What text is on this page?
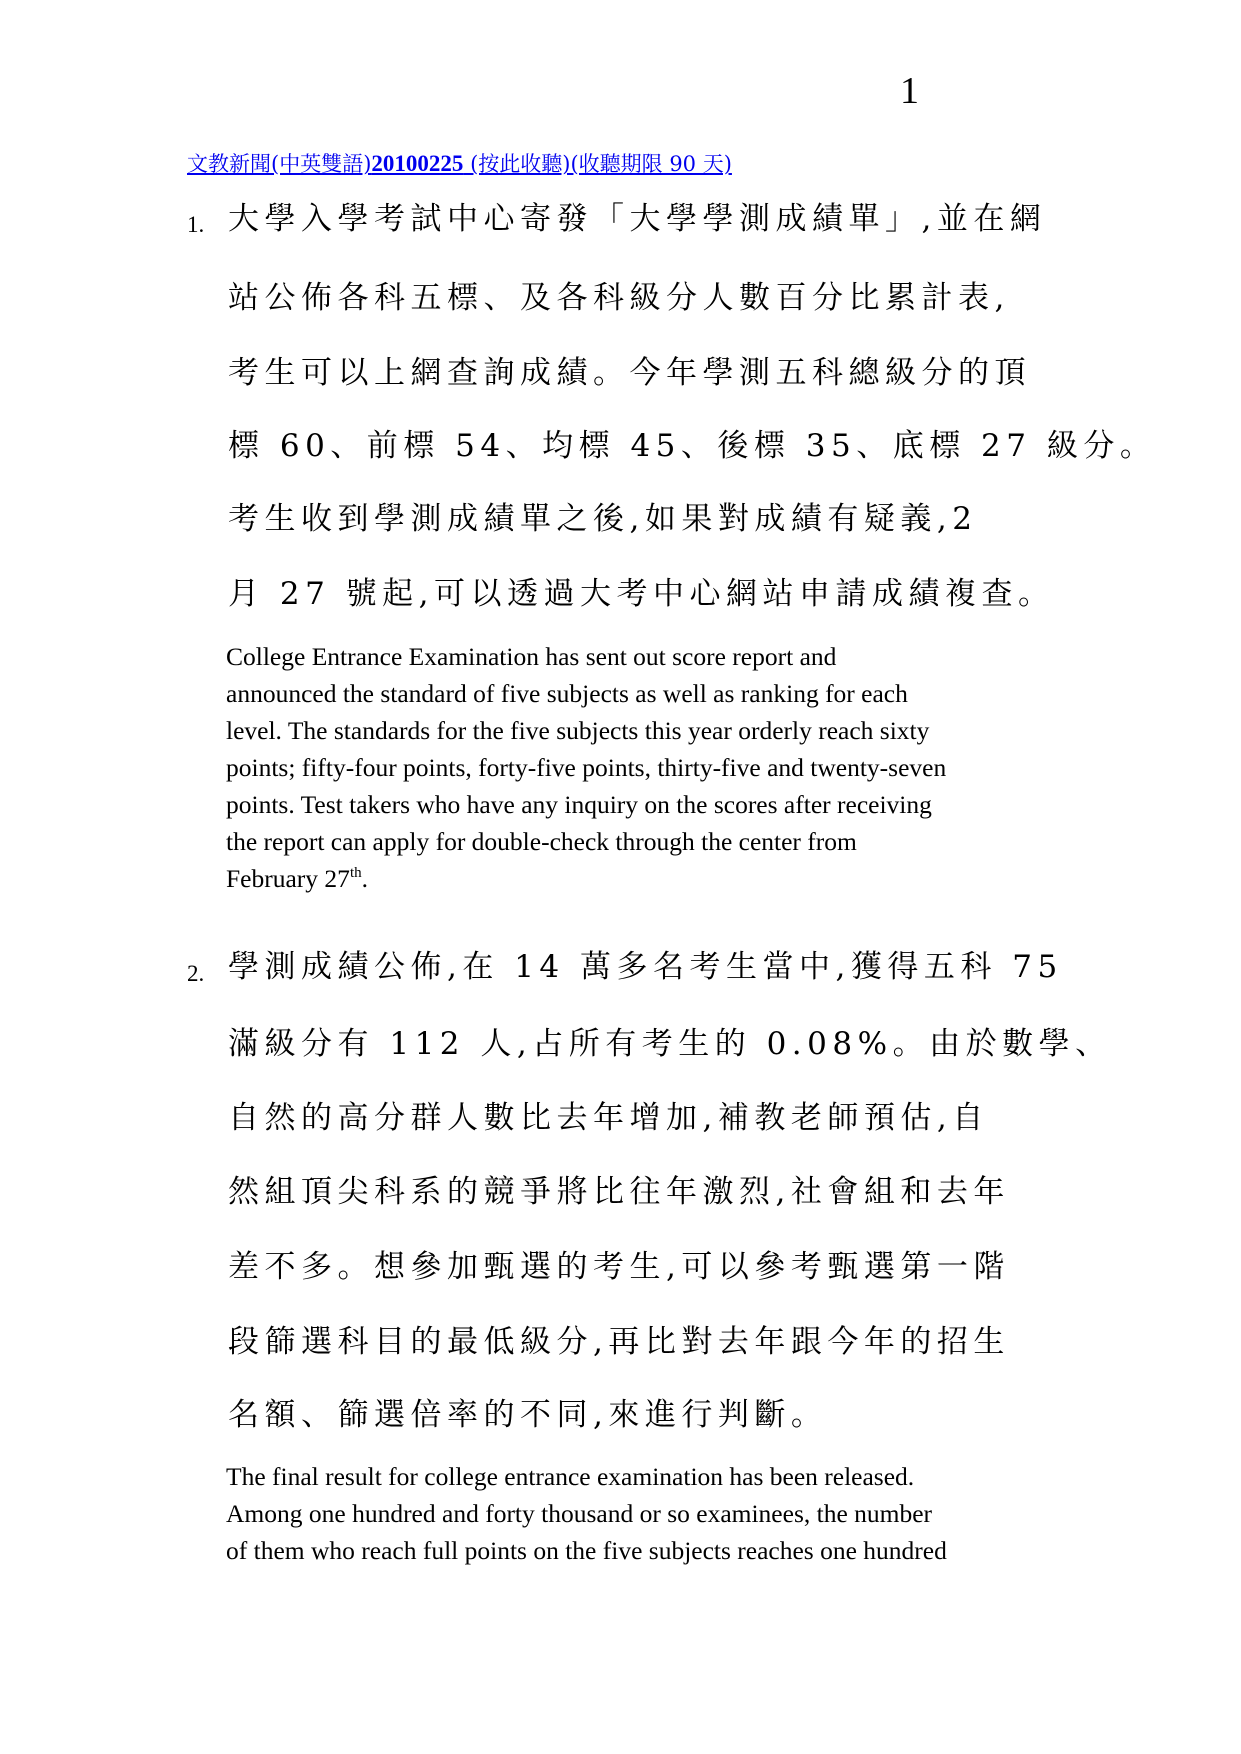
1
文教新聞(中英雙語)20100225 (按此收聽)(收聽期限 90 天)
1. 大學入學考試中心寄發「大學學測成績單」,並在網
站公佈各科五標、及各科級分人數百分比累計表,
考生可以上網查詢成績。今年學測五科總級分的頂
標 60、前標 54、均標 45、後標 35、底標 27 級分。
考生收到學測成績單之後,如果對成績有疑義,2
月 27 號起,可以透過大考中心網站申請成績複查。
College Entrance Examination has sent out score report and
announced the standard of five subjects as well as ranking for each
level. The standards for the five subjects this year orderly reach sixty
points; fifty-four points, forty-five points, thirty-five and twenty-seven
points. Test takers who have any inquiry on the scores after receiving
the report can apply for double-check through the center from
February 27th.
2. 學測成績公佈,在 14 萬多名考生當中,獲得五科 75
滿級分有 112 人,占所有考生的 0.08%。由於數學、
自然的高分群人數比去年增加,補教老師預估,自
然組頂尖科系的競爭將比往年激烈,社會組和去年
差不多。想參加甄選的考生,可以參考甄選第一階
段篩選科目的最低級分,再比對去年跟今年的招生
名額、篩選倍率的不同,來進行判斷。
The final result for college entrance examination has been released.
Among one hundred and forty thousand or so examinees, the number
of them who reach full points on the five subjects reaches one hundred
